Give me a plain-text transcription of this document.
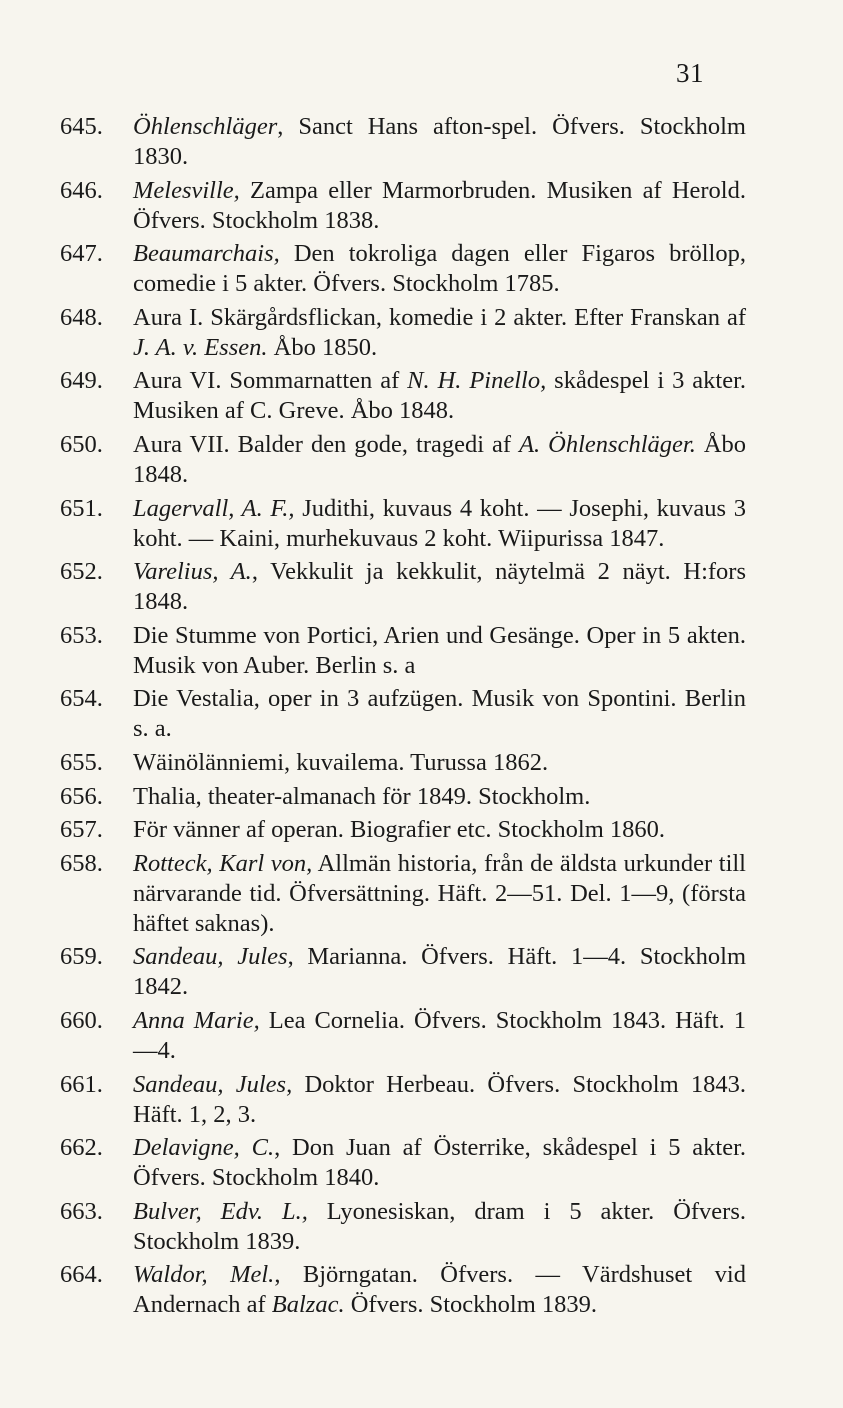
31
645. Öhlenschläger, Sanct Hans afton-spel. Öfvers. Stockholm 1830.
646. Melesville, Zampa eller Marmorbruden. Musiken af Herold. Öfvers. Stockholm 1838.
647. Beaumarchais, Den tokroliga dagen eller Figaros bröllop, comedie i 5 akter. Öfvers. Stockholm 1785.
648. Aura I. Skärgårdsflickan, komedie i 2 akter. Efter Franskan af J. A. v. Essen. Åbo 1850.
649. Aura VI. Sommarnatten af N. H. Pinello, skådespel i 3 akter. Musiken af C. Greve. Åbo 1848.
650. Aura VII. Balder den gode, tragedi af A. Öhlenschläger. Åbo 1848.
651. Lagervall, A. F., Judithi, kuvaus 4 koht. — Josephi, kuvaus 3 koht. — Kaini, murhekuvaus 2 koht. Wiipurissa 1847.
652. Varelius, A., Vekkulit ja kekkulit, näytelmä 2 näyt. H:fors 1848.
653. Die Stumme von Portici, Arien und Gesänge. Oper in 5 akten. Musik von Auber. Berlin s. a
654. Die Vestalia, oper in 3 aufzügen. Musik von Spontini. Berlin s. a.
655. Wäinölänniemi, kuvailema. Turussa 1862.
656. Thalia, theater-almanach för 1849. Stockholm.
657. För vänner af operan. Biografier etc. Stockholm 1860.
658. Rotteck, Karl von, Allmän historia, från de äldsta urkunder till närvarande tid. Öfversättning. Häft. 2—51. Del. 1—9, (första häftet saknas).
659. Sandeau, Jules, Marianna. Öfvers. Häft. 1—4. Stockholm 1842.
660. Anna Marie, Lea Cornelia. Öfvers. Stockholm 1843. Häft. 1—4.
661. Sandeau, Jules, Doktor Herbeau. Öfvers. Stockholm 1843. Häft. 1, 2, 3.
662. Delavigne, C., Don Juan af Österrike, skådespel i 5 akter. Öfvers. Stockholm 1840.
663. Bulver, Edv. L., Lyonesiskan, dram i 5 akter. Öfvers. Stockholm 1839.
664. Waldor, Mel., Björngatan. Öfvers. — Värdshuset vid Andernach af Balzac. Öfvers. Stockholm 1839.
